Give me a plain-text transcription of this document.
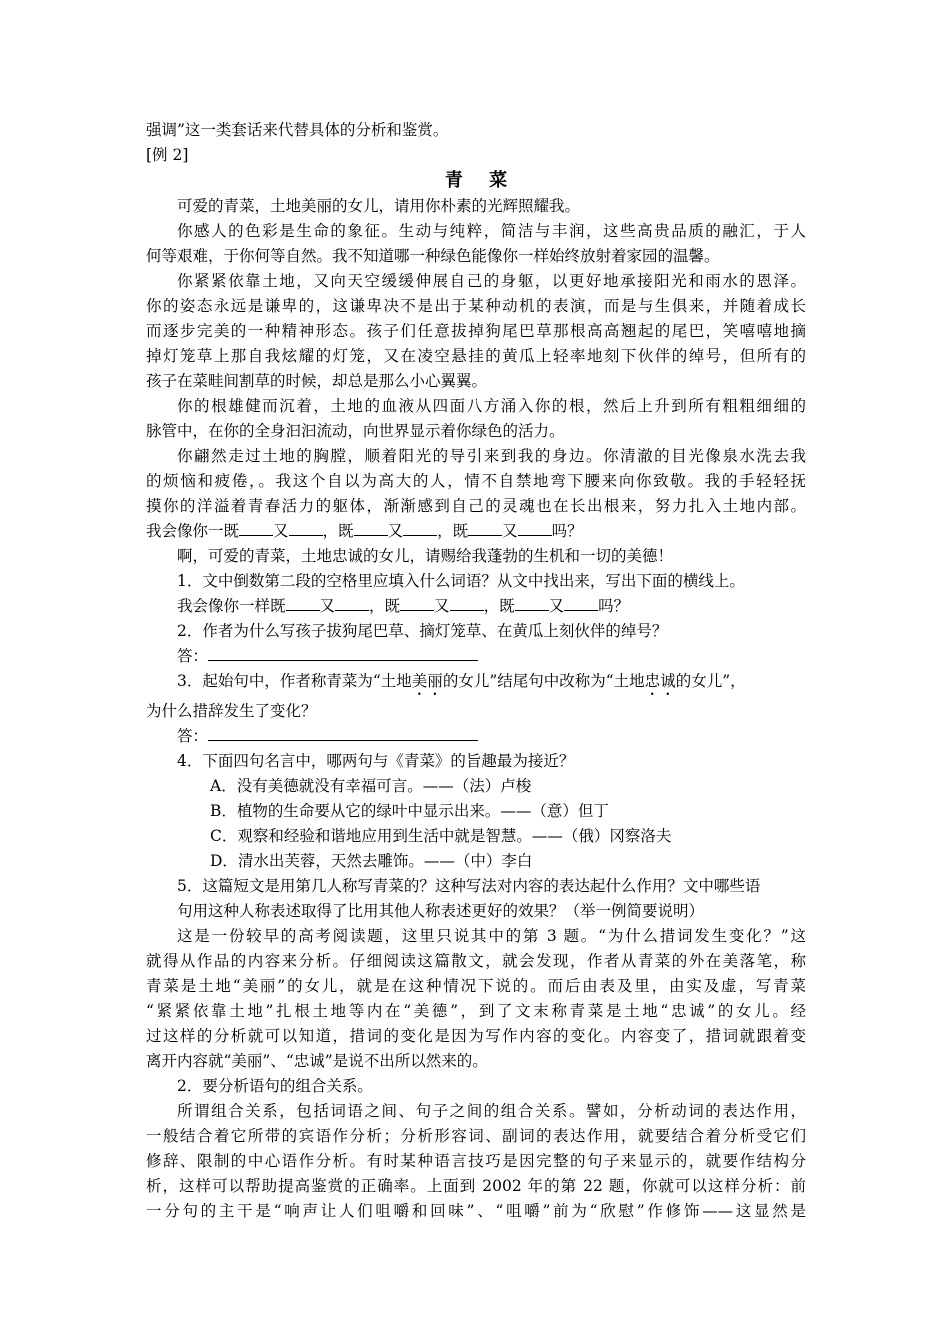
强调”这一类套话来代替具体的分析和鉴赏。
[例 2]
青 菜
可爱的青菜，土地美丽的女儿，请用你朴素的光辉照耀我。
你感人的色彩是生命的象征。生动与纯粹，简洁与丰润，这些高贵品质的融汇，于人
何等艰难，于你何等自然。我不知道哪一种绿色能像你一样始终放射着家园的温馨。
你紧紧依靠土地，又向天空缓缓伸展自己的身躯，以更好地承接阳光和雨水的恩泽。
你的姿态永远是谦卑的，这谦卑决不是出于某种动机的表演，而是与生俱来，并随着成长
而逐步完美的一种精神形态。孩子们任意拔掉狗尾巴草那根高高翘起的尾巴，笑嘻嘻地摘
掉灯笼草上那自我炫耀的灯笼，又在凌空悬挂的黄瓜上轻率地刻下伙伴的绰号，但所有的
孩子在菜畦间割草的时候，却总是那么小心翼翼。
你的根雄健而沉着，土地的血液从四面八方涌入你的根，然后上升到所有粗粗细细的
脉管中，在你的全身汩汩流动，向世界显示着你绿色的活力。
你翩然走过土地的胸膛，顺着阳光的导引来到我的身边。你清澈的目光像泉水洗去我
的烦恼和疲倦，。我这个自以为高大的人，情不自禁地弯下腰来向你致敬。我的手轻轻抚
摸你的洋溢着青春活力的躯体，渐渐感到自己的灵魂也在长出根来，努力扎入土地内部。
我会像你一既 又 ，既 又 ，既 又 吗？
啊，可爱的青菜，土地忠诚的女儿，请赐给我蓬勃的生机和一切的美德！
1．文中倒数第二段的空格里应填入什么词语？从文中找出来，写出下面的横线上。
我会像你一样既 又 ，既 又 ，既 又 吗？
2．作者为什么写孩子拔狗尾巴草、摘灯笼草、在黄瓜上刻伙伴的绰号？
答：
3．起始句中，作者称青菜为“土地美丽的女儿”结尾句中改称为“土地忠诚的女儿”，
为什么措辞发生了变化？
答：
4．下面四句名言中，哪两句与《青菜》的旨趣最为接近？
A．没有美德就没有幸福可言。——（法）卢梭
B．植物的生命要从它的绿叶中显示出来。——（意）但丁
C．观察和经验和谐地应用到生活中就是智慧。——（俄）冈察洛夫
D．清水出芙蓉，天然去雕饰。——（中）李白
5．这篇短文是用第几人称写青菜的？这种写法对内容的表达起什么作用？文中哪些语
句用这种人称表述取得了比用其他人称表述更好的效果？（举一例简要说明）
这是一份较早的高考阅读题，这里只说其中的第 3 题。“为什么措词发生变化？”这
就得从作品的内容来分析。仔细阅读这篇散文，就会发现，作者从青菜的外在美落笔，称
青菜是土地“美丽”的女儿，就是在这种情况下说的。而后由表及里，由实及虚，写青菜
“紧紧依靠土地”扎根土地等内在“美德”，到了文末称青菜是土地“忠诚”的女儿。经
过这样的分析就可以知道，措词的变化是因为写作内容的变化。内容变了，措词就跟着变
离开内容就“美丽”、“忠诚”是说不出所以然来的。
2．要分析语句的组合关系。
所谓组合关系，包括词语之间、句子之间的组合关系。譬如，分析动词的表达作用，
一般结合着它所带的宾语作分析；分析形容词、副词的表达作用，就要结合着分析受它们
修辞、限制的中心语作分析。有时某种语言技巧是因完整的句子来显示的，就要作结构分
析，这样可以帮助提高鉴赏的正确率。上面到 2002 年的第 22 题，你就可以这样分析：前
一分句的主干是“响声让人们咀嚼和回味”、“咀嚼”前为“欣慰”作修饰——这显然是
